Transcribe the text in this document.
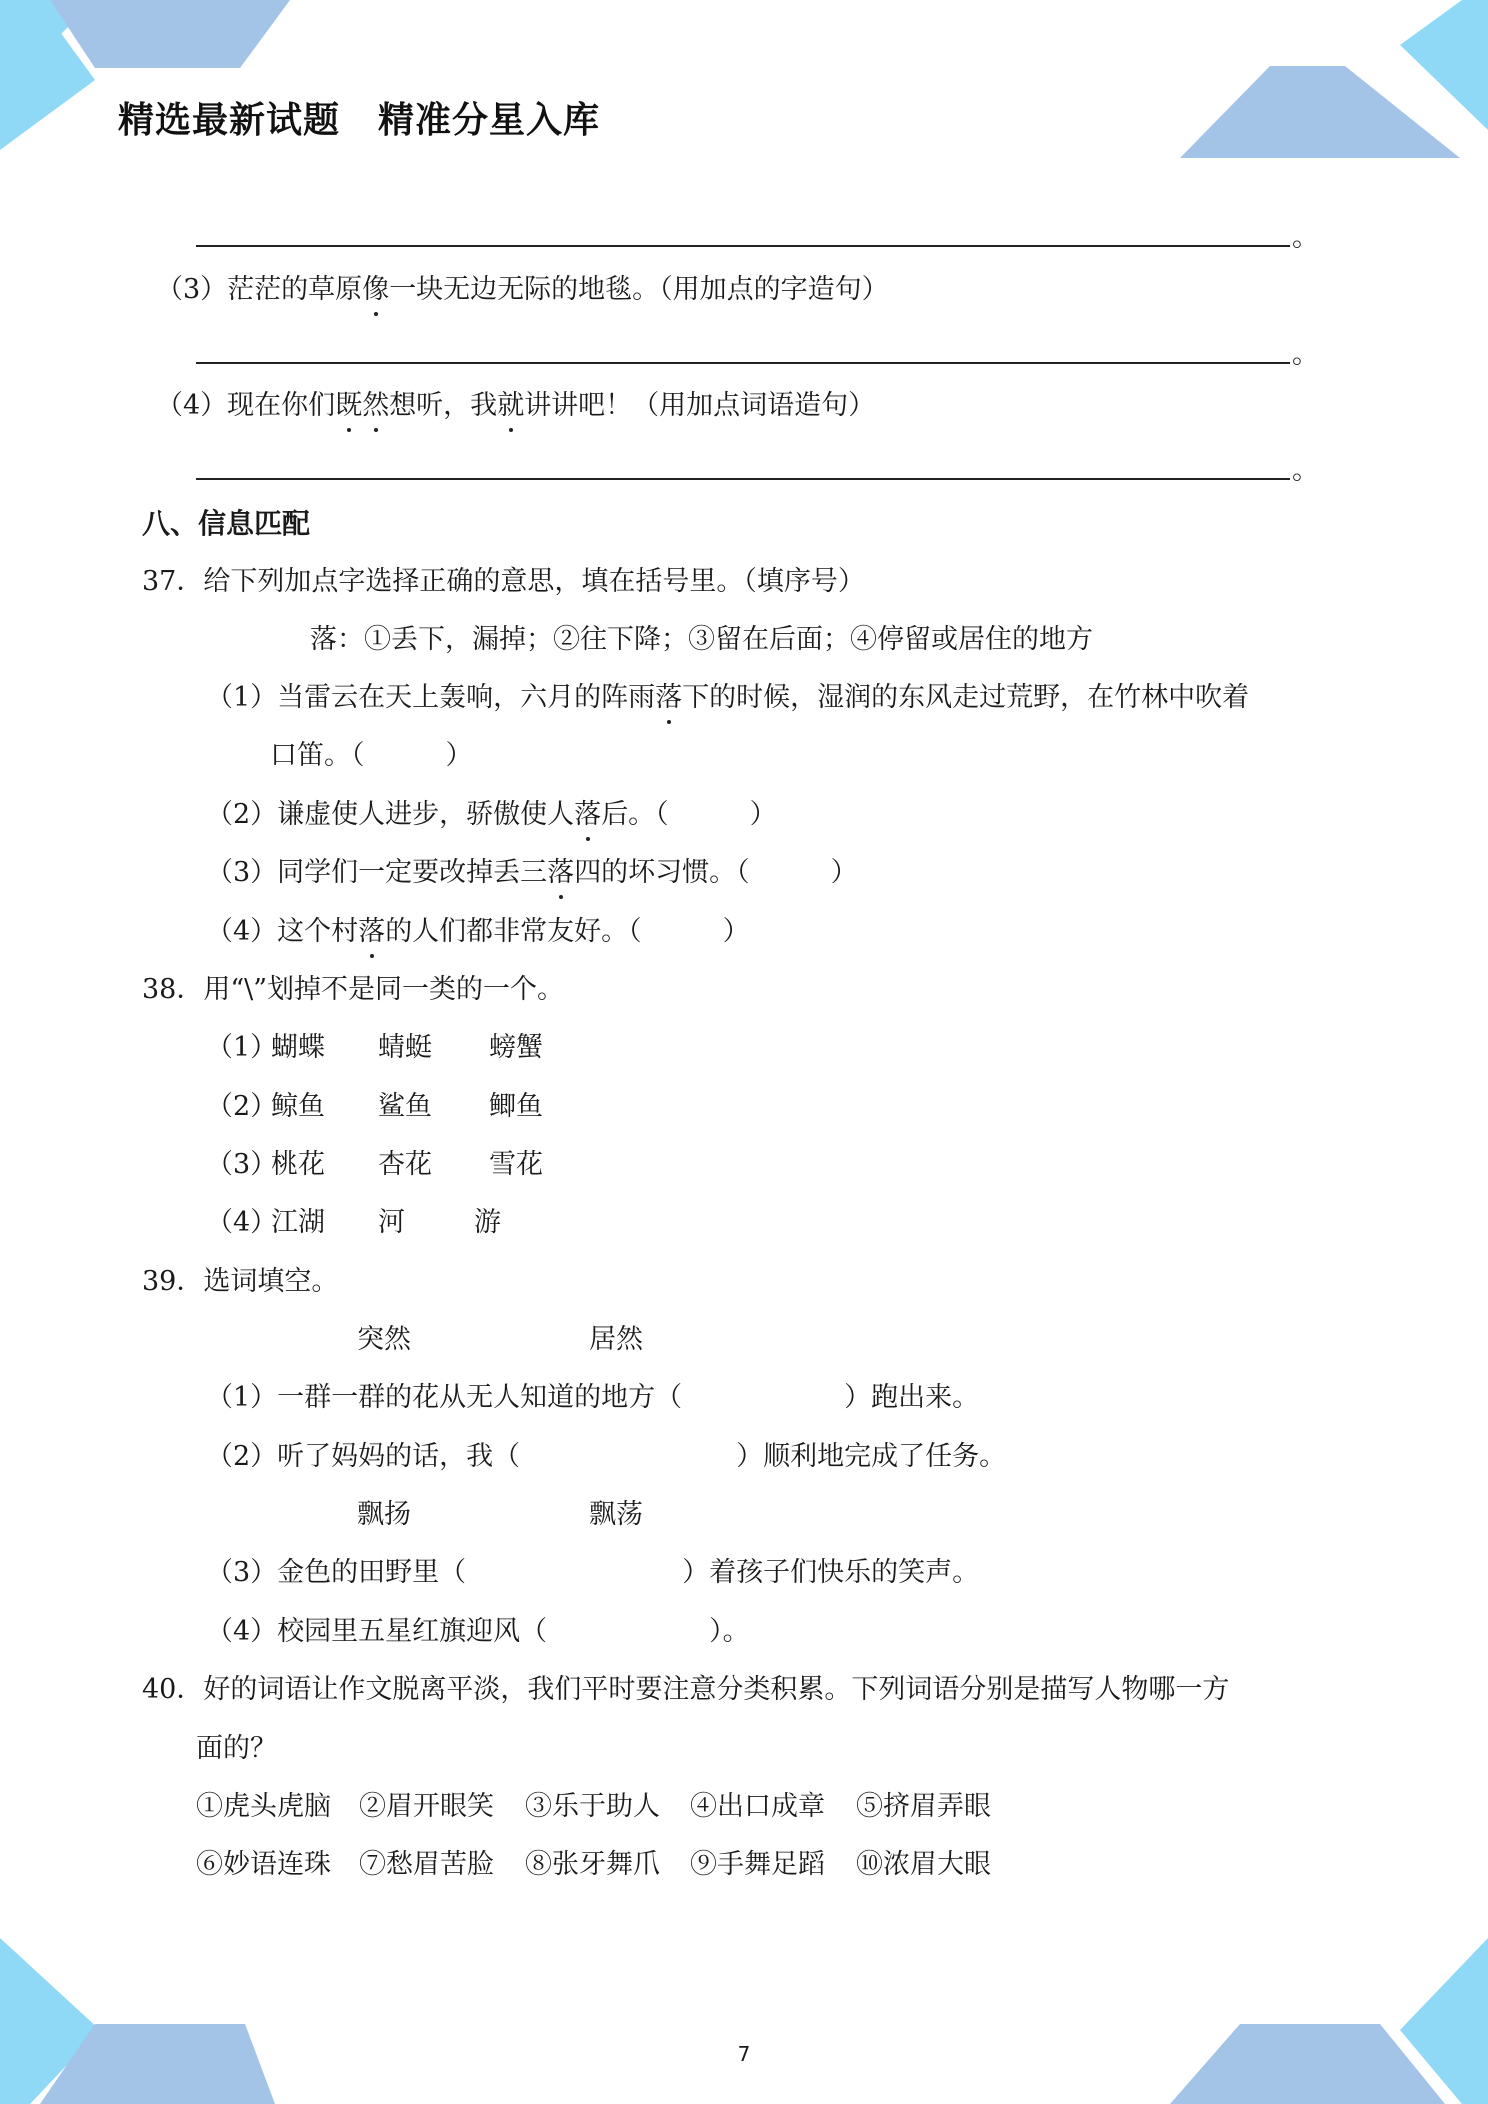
精选最新试题 精准分星入库
。
（3）茫茫的草原像一块无边无际的地毯。（用加点的字造句）
。
（4）现在你们既然想听，我就讲讲吧！（用加点词语造句）
。
八、信息匹配
37．给下列加点字选择正确的意思，填在括号里。（填序号）
落：①丢下，漏掉；②往下降；③留在后面；④停留或居住的地方
（1）当雷云在天上轰响，六月的阵雨落下的时候，湿润的东风走过荒野，在竹林中吹着
口笛。（　　　）
（2）谦虚使人进步，骄傲使人落后。（　　　）
（3）同学们一定要改掉丢三落四的坏习惯。（　　　）
（4）这个村落的人们都非常友好。（　　　）
38．用“\”划掉不是同一类的一个。
（1）
蝴蝶 蜻蜓 螃蟹
（2）
鲸鱼 鲨鱼 鲫鱼
（3）
桃花 杏花 雪花
（4）
江湖 河	游
39．选词填空。
突然	居然
（1）一群一群的花从无人知道的地方（　　　　　　）跑出来。
（2）听了妈妈的话，我（　　　　　　　　）顺利地完成了任务。
飘扬	飘荡
（3）金色的田野里（　　　　　　　　）着孩子们快乐的笑声。
（4）校园里五星红旗迎风（　　　　　　）。
40．好的词语让作文脱离平淡，我们平时要注意分类积累。下列词语分别是描写人物哪一方
面的？
①虎头虎脑 ②眉开眼笑 ③乐于助人 ④出口成章 ⑤挤眉弄眼
⑥妙语连珠 ⑦愁眉苦脸 ⑧张牙舞爪 ⑨手舞足蹈 ⑩浓眉大眼
7
